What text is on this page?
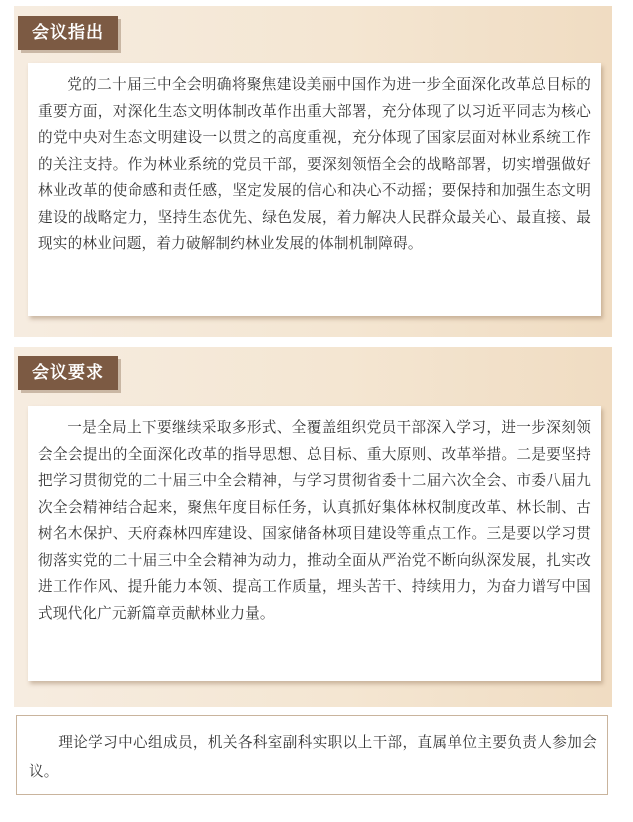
会议指出

党的二十届三中全会明确将聚焦建设美丽中国作为进一步全面深化改革总目标的重要方面，对深化生态文明体制改革作出重大部署，充分体现了以习近平同志为核心的党中央对生态文明建设一以贯之的高度重视，充分体现了国家层面对林业系统工作的关注支持。作为林业系统的党员干部，要深刻领悟全会的战略部署，切实增强做好林业改革的使命感和责任感，坚定发展的信心和决心不动摇；要保持和加强生态文明建设的战略定力，坚持生态优先、绿色发展，着力解决人民群众最关心、最直接、最现实的林业问题，着力破解制约林业发展的体制机制障碍。

会议要求

一是全局上下要继续采取多形式、全覆盖组织党员干部深入学习，进一步深刻领会全会提出的全面深化改革的指导思想、总目标、重大原则、改革举措。二是要坚持把学习贯彻党的二十届三中全会精神，与学习贯彻省委十二届六次全会、市委八届九次全会精神结合起来，聚焦年度目标任务，认真抓好集体林权制度改革、林长制、古树名木保护、天府森林四库建设、国家储备林项目建设等重点工作。三是要以学习贯彻落实党的二十届三中全会精神为动力，推动全面从严治党不断向纵深发展，扎实改进工作作风、提升能力本领、提高工作质量，埋头苦干、持续用力，为奋力谱写中国式现代化广元新篇章贡献林业力量。

理论学习中心组成员，机关各科室副科实职以上干部，直属单位主要负责人参加会议。
